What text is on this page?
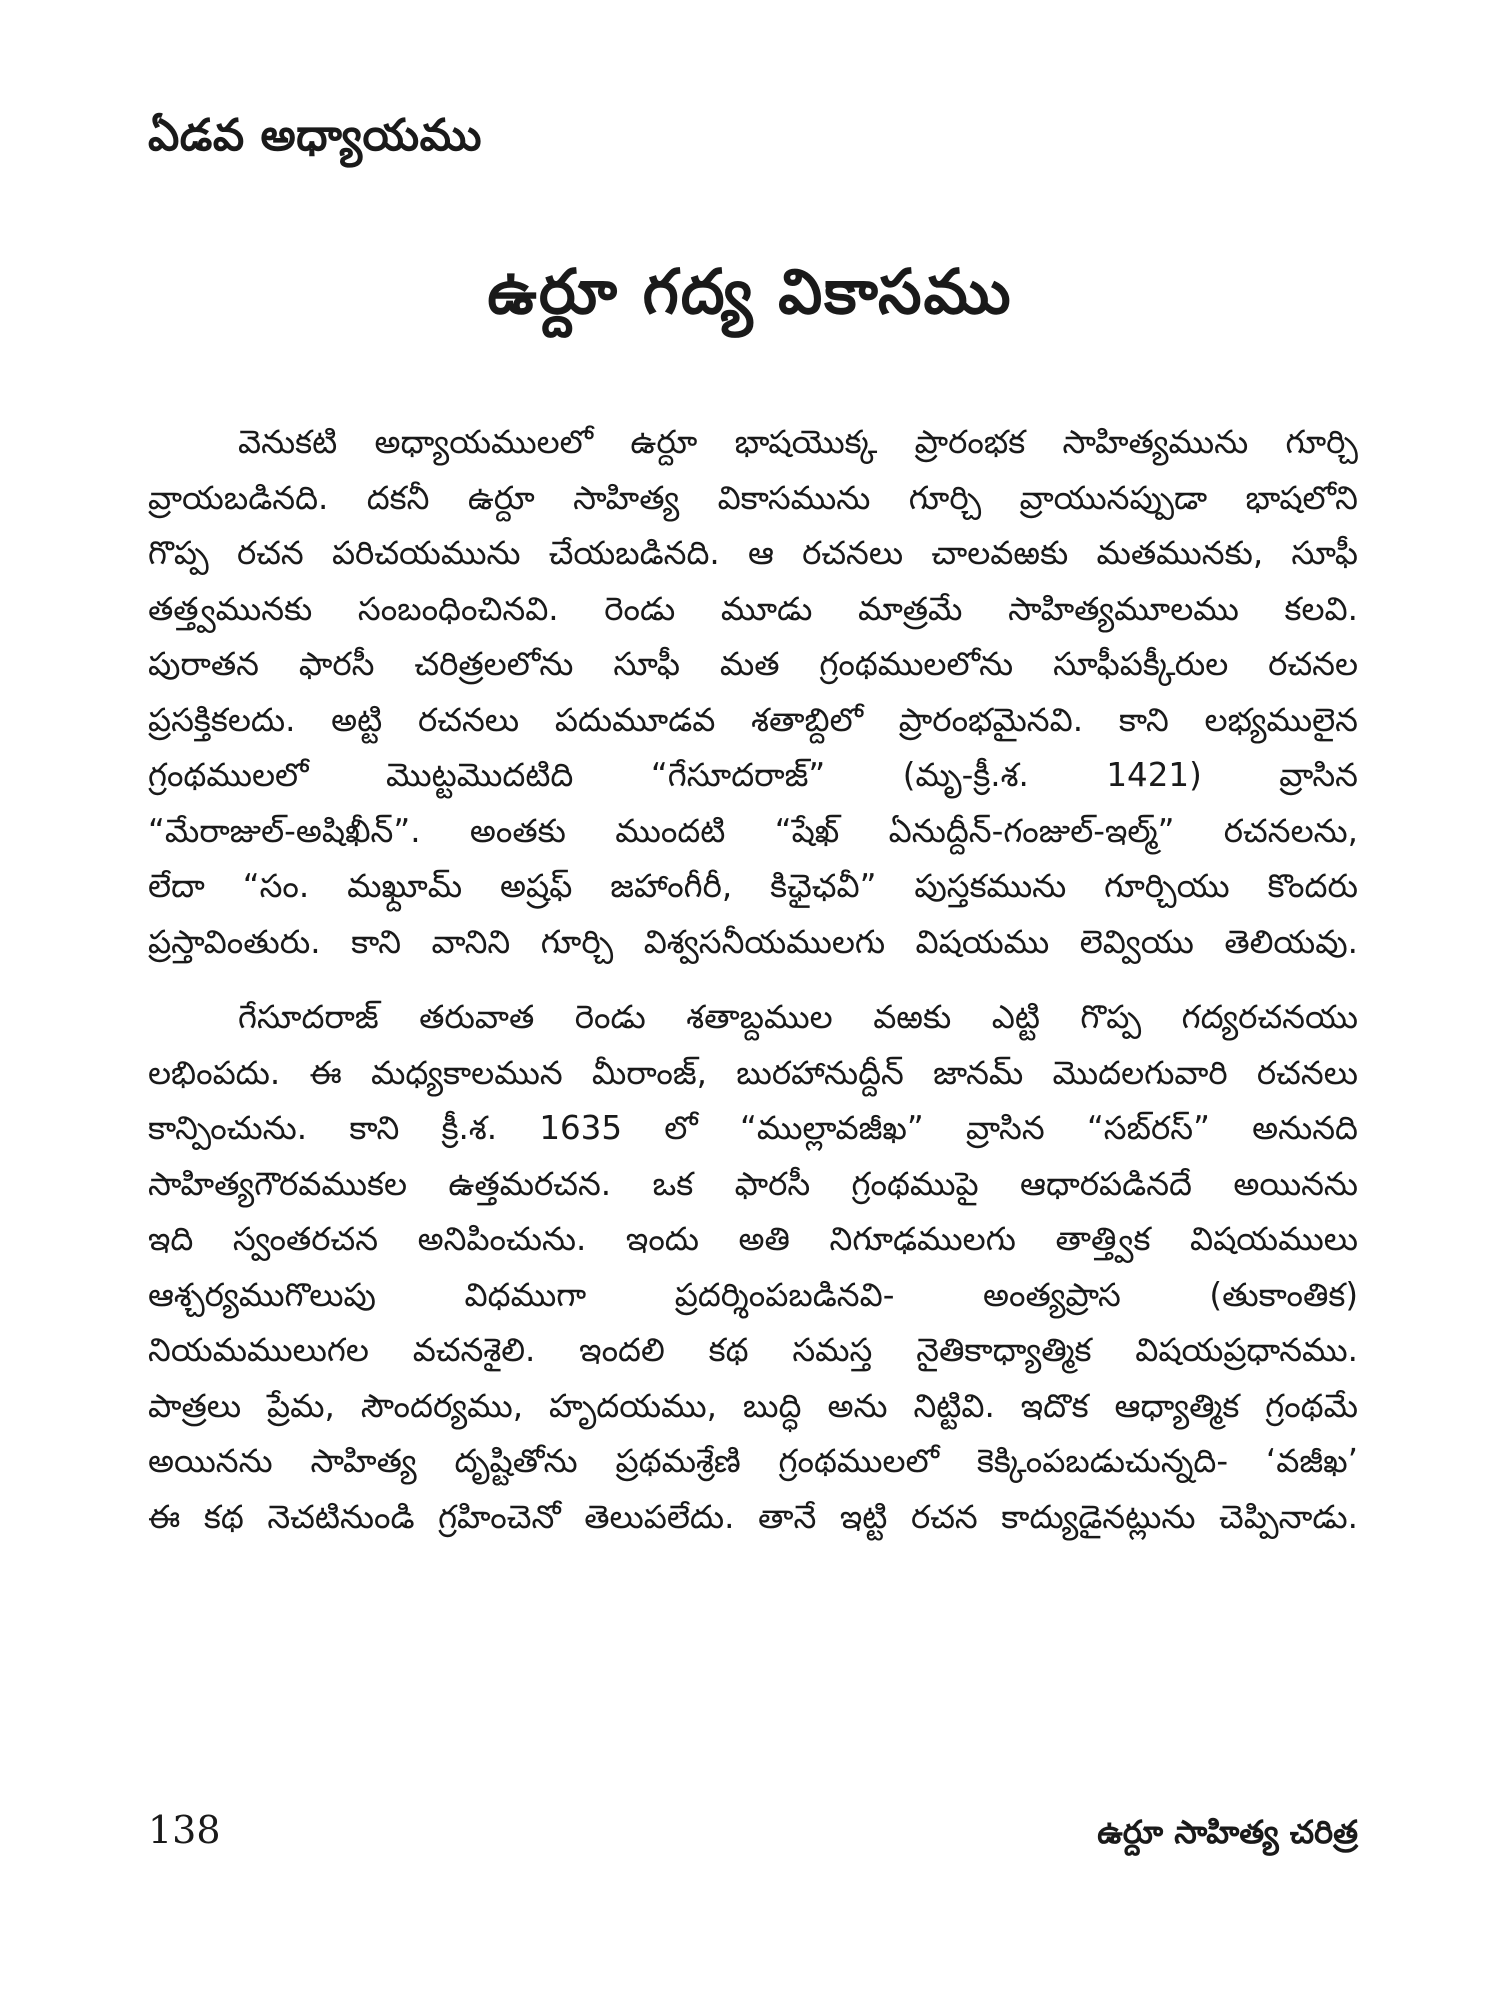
ఏడవ అధ్యాయము
ఉర్దూ గద్య వికాసము

వెనుకటి అధ్యాయములలో ఉర్దూ భాషయొక్క ప్రారంభక సాహిత్యమును గూర్చి
వ్రాయబడినది. దకనీ ఉర్దూ సాహిత్య వికాసమును గూర్చి వ్రాయునప్పుడా భాషలోని
గొప్ప రచన పరిచయమును చేయబడినది. ఆ రచనలు చాలవఱకు మతమునకు, సూఫీ
తత్త్వమునకు సంబంధించినవి. రెండు మూడు మాత్రమే సాహిత్యమూలము కలవి.
పురాతన ఫారసీ చరిత్రలలోను సూఫీ మత గ్రంథములలోను సూఫీపక్కీరుల రచనల
ప్రసక్తికలదు. అట్టి రచనలు పదుమూడవ శతాబ్దిలో ప్రారంభమైనవి. కాని లభ్యములైన
గ్రంథములలో మొట్టమొదటిది “గేసూదరాజ్” (మృ-క్రీ.శ. 1421) వ్రాసిన
“మేరాజుల్-అషిఖీన్”. అంతకు ముందటి “షేఖ్ ఏనుద్దీన్-గంజుల్-ఇల్మ్” రచనలను,
లేదా “సం. మఖ్దూమ్ అష్రఫ్ జహాంగీరీ, కిఛైఛవీ” పుస్తకమును గూర్చియు కొందరు
ప్రస్తావింతురు. కాని వానిని గూర్చి విశ్వసనీయములగు విషయము లెవ్వియు తెలియవు.

గేసూదరాజ్ తరువాత రెండు శతాబ్దముల వఱకు ఎట్టి గొప్ప గద్యరచనయు
లభింపదు. ఈ మధ్యకాలమున మీరాంజ్, బురహానుద్దీన్ జానమ్ మొదలగువారి రచనలు
కాన్పించును. కాని క్రీ.శ. 1635 లో “ముల్లావజీఖ” వ్రాసిన “సబ్‌రస్” అనునది
సాహిత్యగౌరవముకల ఉత్తమరచన. ఒక ఫారసీ గ్రంథముపై ఆధారపడినదే అయినను
ఇది స్వంతరచన అనిపించును. ఇందు అతి నిగూఢములగు తాత్త్విక విషయములు
ఆశ్చర్యముగొలుపు విధముగా ప్రదర్శింపబడినవి- అంత్యప్రాస (తుకాంతిక)
నియమములుగల వచనశైలి. ఇందలి కథ సమస్త నైతికాధ్యాత్మిక విషయప్రధానము.
పాత్రలు ప్రేమ, సౌందర్యము, హృదయము, బుద్ధి అను నిట్టివి. ఇదొక ఆధ్యాత్మిక గ్రంథమే
అయినను సాహిత్య దృష్టితోను ప్రథమశ్రేణి గ్రంథములలో కెక్కింపబడుచున్నది- ‘వజీఖ’
ఈ కథ నెచటినుండి గ్రహించెనో తెలుపలేదు. తానే ఇట్టి రచన కాద్యుడైనట్లును చెప్పినాడు.

138	ఉర్దూ సాహిత్య చరిత్ర
